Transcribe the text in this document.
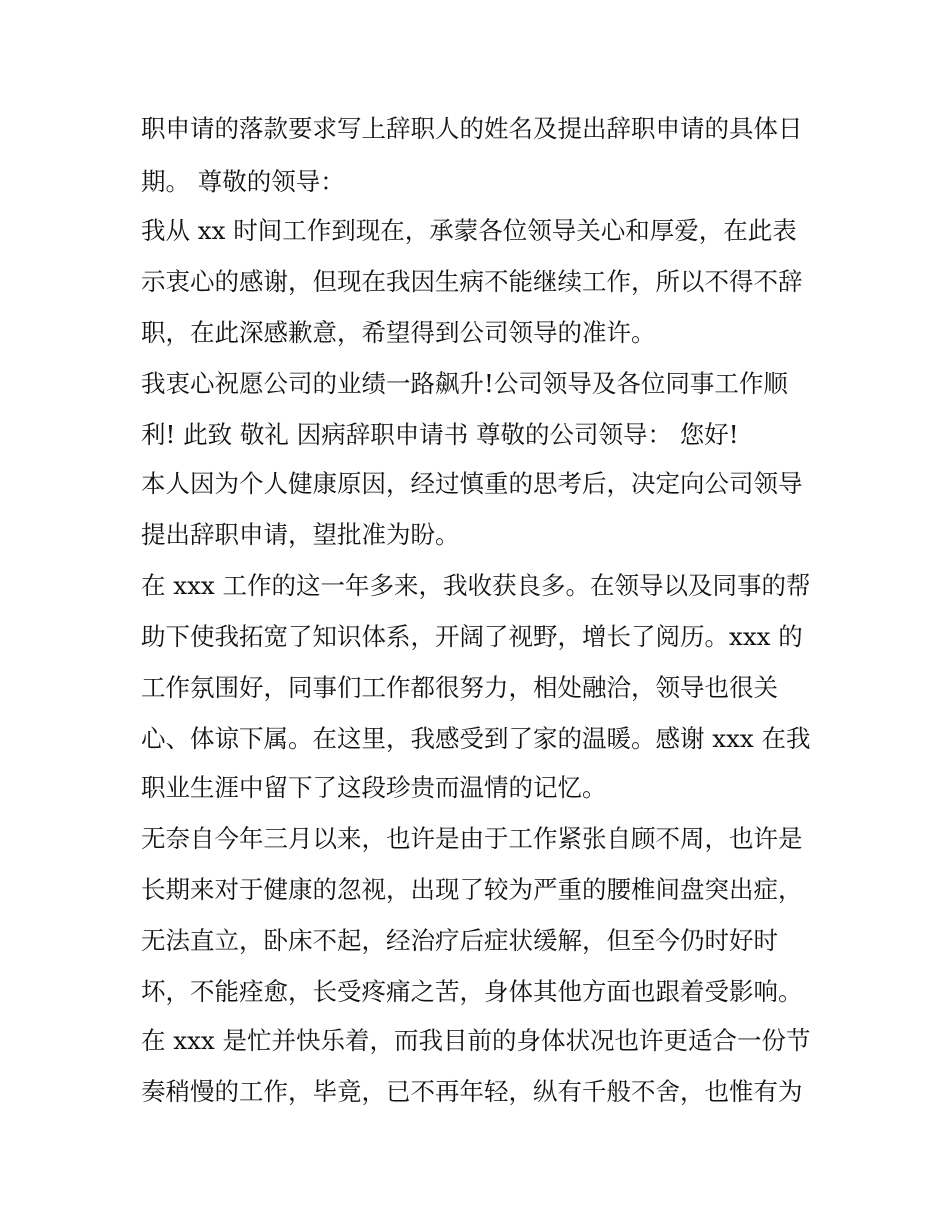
职申请的落款要求写上辞职人的姓名及提出辞职申请的具体日
期。 尊敬的领导：
我从 xx 时间工作到现在，承蒙各位领导关心和厚爱，在此表
示衷心的感谢，但现在我因生病不能继续工作，所以不得不辞
职，在此深感歉意，希望得到公司领导的准许。
我衷心祝愿公司的业绩一路飙升!公司领导及各位同事工作顺
利! 此致 敬礼 因病辞职申请书 尊敬的公司领导： 您好!
本人因为个人健康原因，经过慎重的思考后，决定向公司领导
提出辞职申请，望批准为盼。
在 xxx 工作的这一年多来，我收获良多。在领导以及同事的帮
助下使我拓宽了知识体系，开阔了视野，增长了阅历。xxx 的
工作氛围好，同事们工作都很努力，相处融洽，领导也很关
心、体谅下属。在这里，我感受到了家的温暖。感谢 xxx 在我
职业生涯中留下了这段珍贵而温情的记忆。
无奈自今年三月以来，也许是由于工作紧张自顾不周，也许是
长期来对于健康的忽视，出现了较为严重的腰椎间盘突出症，
无法直立，卧床不起，经治疗后症状缓解，但至今仍时好时
坏，不能痊愈，长受疼痛之苦，身体其他方面也跟着受影响。
在 xxx 是忙并快乐着，而我目前的身体状况也许更适合一份节
奏稍慢的工作，毕竟，已不再年轻，纵有千般不舍，也惟有为
